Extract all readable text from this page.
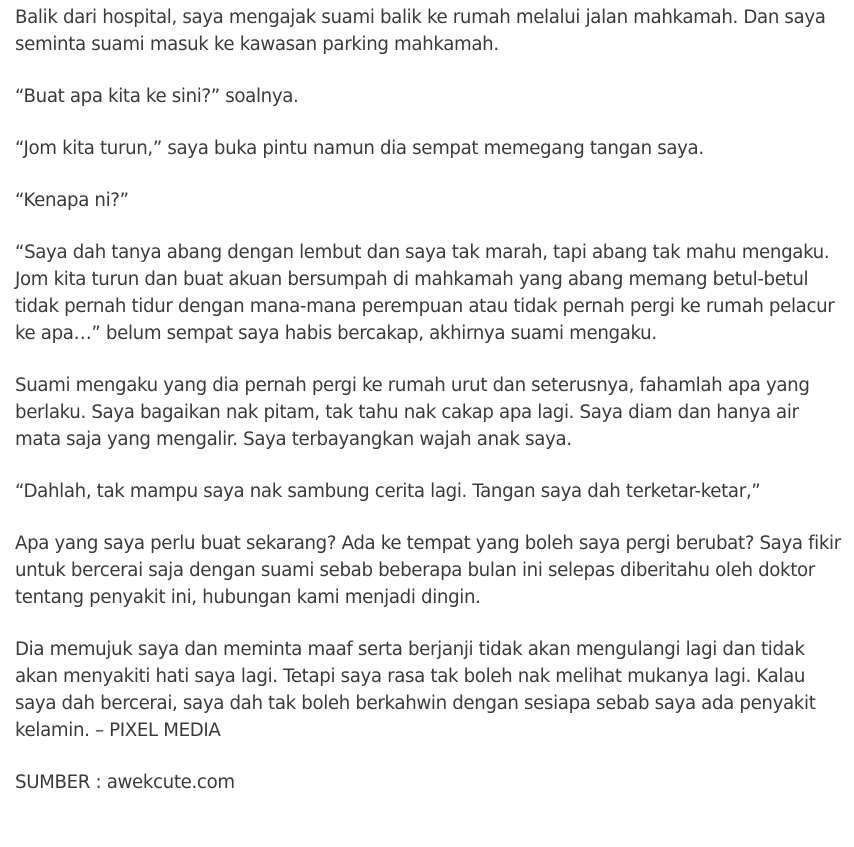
Balik dari hospital, saya mengajak suami balik ke rumah melalui jalan mahkamah. Dan saya seminta suami masuk ke kawasan parking mahkamah.

“Buat apa kita ke sini?” soalnya.

“Jom kita turun,” saya buka pintu namun dia sempat memegang tangan saya.

“Kenapa ni?”

“Saya dah tanya abang dengan lembut dan saya tak marah, tapi abang tak mahu mengaku. Jom kita turun dan buat akuan bersumpah di mahkamah yang abang memang betul-betul tidak pernah tidur dengan mana-mana perempuan atau tidak pernah pergi ke rumah pelacur ke apa…” belum sempat saya habis bercakap, akhirnya suami mengaku.

Suami mengaku yang dia pernah pergi ke rumah urut dan seterusnya, fahamlah apa yang berlaku. Saya bagaikan nak pitam, tak tahu nak cakap apa lagi. Saya diam dan hanya air mata saja yang mengalir. Saya terbayangkan wajah anak saya.

“Dahlah, tak mampu saya nak sambung cerita lagi. Tangan saya dah terketar-ketar,”

Apa yang saya perlu buat sekarang? Ada ke tempat yang boleh saya pergi berubat? Saya fikir untuk bercerai saja dengan suami sebab beberapa bulan ini selepas diberitahu oleh doktor tentang penyakit ini, hubungan kami menjadi dingin.

Dia memujuk saya dan meminta maaf serta berjanji tidak akan mengulangi lagi dan tidak akan menyakiti hati saya lagi. Tetapi saya rasa tak boleh nak melihat mukanya lagi. Kalau saya dah bercerai, saya dah tak boleh berkahwin dengan sesiapa sebab saya ada penyakit kelamin. – PIXEL MEDIA

SUMBER : awekcute.com
